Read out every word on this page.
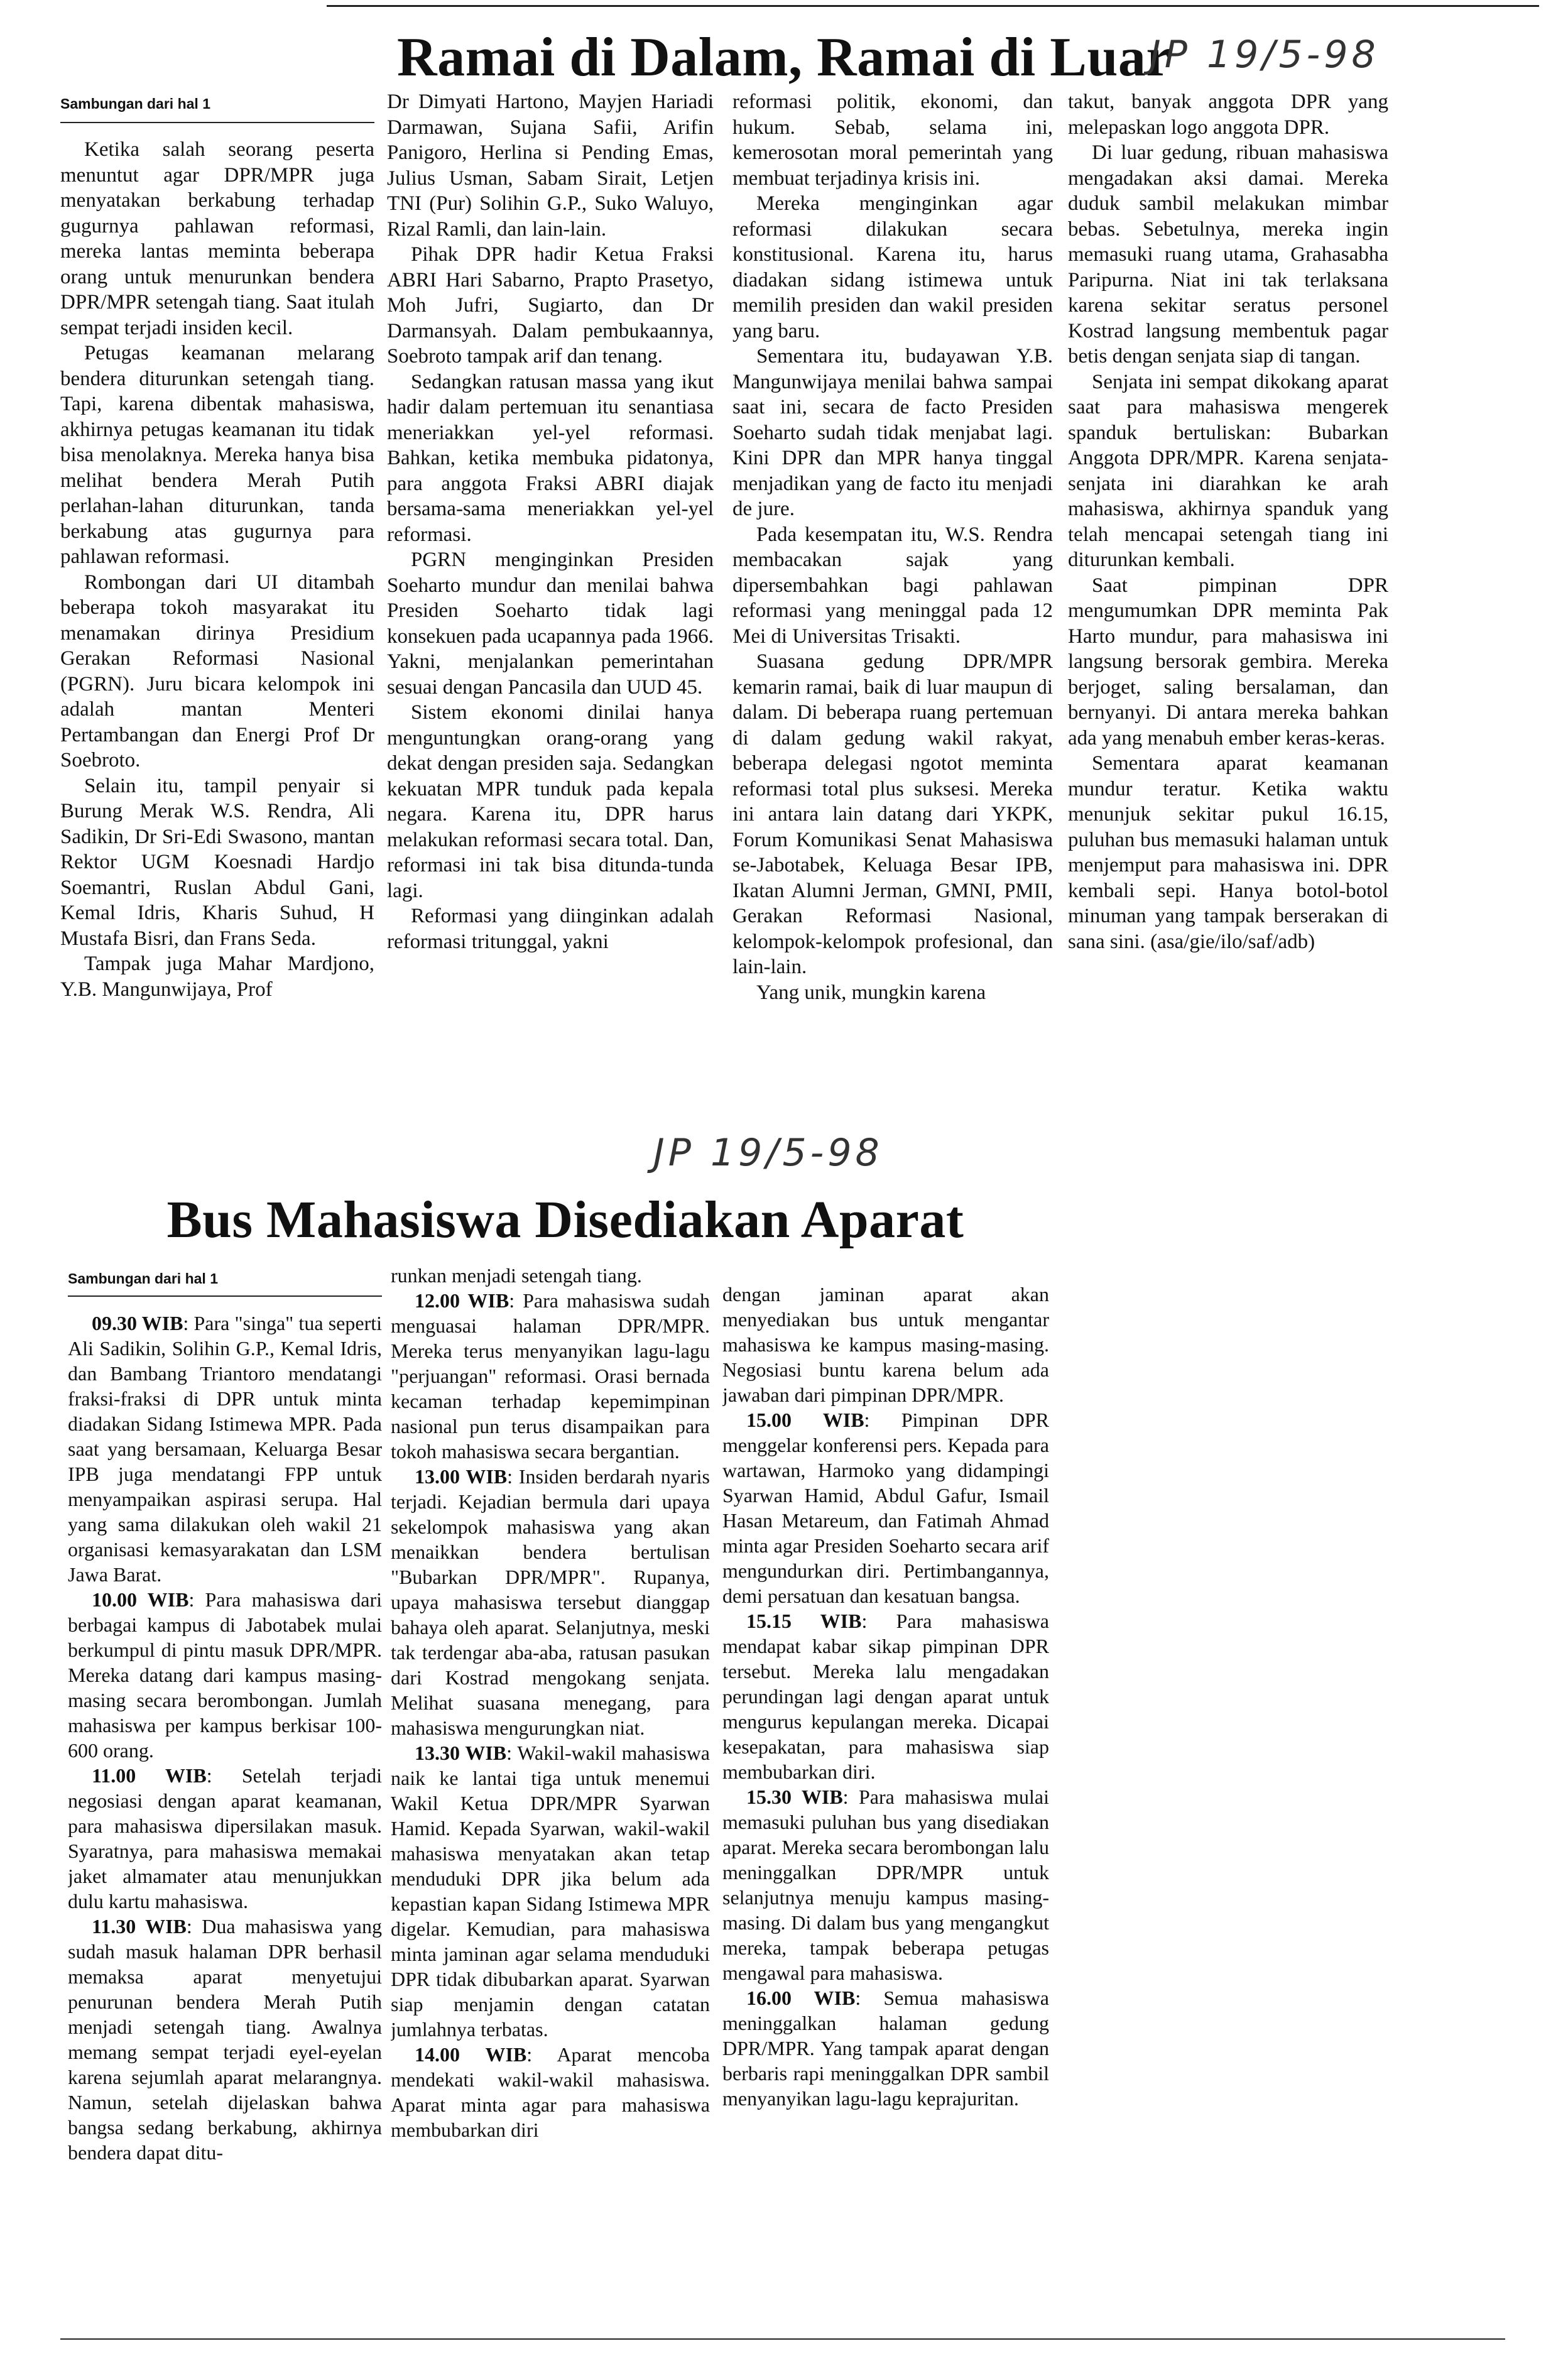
Ramai di Dalam, Ramai di Luar
JP 19/5-98
Sambungan dari hal 1

Ketika salah seorang peserta menuntut agar DPR/MPR juga menyatakan berkabung terhadap gugurnya pahlawan reformasi, mereka lantas meminta beberapa orang untuk menurunkan bendera DPR/MPR setengah tiang. Saat itulah sempat terjadi insiden kecil.

Petugas keamanan melarang bendera diturunkan setengah tiang. Tapi, karena dibentak mahasiswa, akhirnya petugas keamanan itu tidak bisa menolaknya. Mereka hanya bisa melihat bendera Merah Putih perlahan-lahan diturunkan, tanda berkabung atas gugurnya para pahlawan reformasi.

Rombongan dari UI ditambah beberapa tokoh masyarakat itu menamakan dirinya Presidium Gerakan Reformasi Nasional (PGRN). Juru bicara kelompok ini adalah mantan Menteri Pertambangan dan Energi Prof Dr Soebroto.

Selain itu, tampil penyair si Burung Merak W.S. Rendra, Ali Sadikin, Dr Sri-Edi Swasono, mantan Rektor UGM Koesnadi Hardjo Soemantri, Ruslan Abdul Gani, Kemal Idris, Kharis Suhud, H Mustafa Bisri, dan Frans Seda.

Tampak juga Mahar Mardjono, Y.B. Mangunwijaya, Prof

Dr Dimyati Hartono, Mayjen Hariadi Darmawan, Sujana Safii, Arifin Panigoro, Herlina si Pending Emas, Julius Usman, Sabam Sirait, Letjen TNI (Pur) Solihin G.P., Suko Waluyo, Rizal Ramli, dan lain-lain.

Pihak DPR hadir Ketua Fraksi ABRI Hari Sabarno, Prapto Prasetyo, Moh Jufri, Sugiarto, dan Dr Darmansyah. Dalam pembukaannya, Soebroto tampak arif dan tenang.

Sedangkan ratusan massa yang ikut hadir dalam pertemuan itu senantiasa meneriakkan yel-yel reformasi. Bahkan, ketika membuka pidatonya, para anggota Fraksi ABRI diajak bersama-sama meneriakkan yel-yel reformasi.

PGRN menginginkan Presiden Soeharto mundur dan menilai bahwa Presiden Soeharto tidak lagi konsekuen pada ucapannya pada 1966. Yakni, menjalankan pemerintahan sesuai dengan Pancasila dan UUD 45.

Sistem ekonomi dinilai hanya menguntungkan orang-orang yang dekat dengan presiden saja. Sedangkan kekuatan MPR tunduk pada kepala negara. Karena itu, DPR harus melakukan reformasi secara total. Dan, reformasi ini tak bisa ditunda-tunda lagi.

Reformasi yang diinginkan adalah reformasi tritunggal, yakni

reformasi politik, ekonomi, dan hukum. Sebab, selama ini, kemerosotan moral pemerintah yang membuat terjadinya krisis ini.

Mereka menginginkan agar reformasi dilakukan secara konstitusional. Karena itu, harus diadakan sidang istimewa untuk memilih presiden dan wakil presiden yang baru.

Sementara itu, budayawan Y.B. Mangunwijaya menilai bahwa sampai saat ini, secara de facto Presiden Soeharto sudah tidak menjabat lagi. Kini DPR dan MPR hanya tinggal menjadikan yang de facto itu menjadi de jure.

Pada kesempatan itu, W.S. Rendra membacakan sajak yang dipersembahkan bagi pahlawan reformasi yang meninggal pada 12 Mei di Universitas Trisakti.

Suasana gedung DPR/MPR kemarin ramai, baik di luar maupun di dalam. Di beberapa ruang pertemuan di dalam gedung wakil rakyat, beberapa delegasi ngotot meminta reformasi total plus suksesi. Mereka ini antara lain datang dari YKPK, Forum Komunikasi Senat Mahasiswa se-Jabotabek, Keluaga Besar IPB, Ikatan Alumni Jerman, GMNI, PMII, Gerakan Reformasi Nasional, kelompok-kelompok profesional, dan lain-lain.

Yang unik, mungkin karena

takut, banyak anggota DPR yang melepaskan logo anggota DPR.

Di luar gedung, ribuan mahasiswa mengadakan aksi damai. Mereka duduk sambil melakukan mimbar bebas. Sebetulnya, mereka ingin memasuki ruang utama, Grahasabha Paripurna. Niat ini tak terlaksana karena sekitar seratus personel Kostrad langsung membentuk pagar betis dengan senjata siap di tangan.

Senjata ini sempat dikokang aparat saat para mahasiswa mengerek spanduk bertuliskan: Bubarkan Anggota DPR/MPR. Karena senjata-senjata ini diarahkan ke arah mahasiswa, akhirnya spanduk yang telah mencapai setengah tiang ini diturunkan kembali.

Saat pimpinan DPR mengumumkan DPR meminta Pak Harto mundur, para mahasiswa ini langsung bersorak gembira. Mereka berjoget, saling bersalaman, dan bernyanyi. Di antara mereka bahkan ada yang menabuh ember keras-keras.

Sementara aparat keamanan mundur teratur. Ketika waktu menunjuk sekitar pukul 16.15, puluhan bus memasuki halaman untuk menjemput para mahasiswa ini. DPR kembali sepi. Hanya botol-botol minuman yang tampak berserakan di sana sini. (asa/gie/ilo/saf/adb)

JP 19/5-98
Bus Mahasiswa Disediakan Aparat
Sambungan dari hal 1

09.30 WIB: Para "singa" tua seperti Ali Sadikin, Solihin G.P., Kemal Idris, dan Bambang Triantoro mendatangi fraksi-fraksi di DPR untuk minta diadakan Sidang Istimewa MPR. Pada saat yang bersamaan, Keluarga Besar IPB juga mendatangi FPP untuk menyampaikan aspirasi serupa. Hal yang sama dilakukan oleh wakil 21 organisasi kemasyarakatan dan LSM Jawa Barat.

10.00 WIB: Para mahasiswa dari berbagai kampus di Jabotabek mulai berkumpul di pintu masuk DPR/MPR. Mereka datang dari kampus masing-masing secara berombongan. Jumlah mahasiswa per kampus berkisar 100-600 orang.

11.00 WIB: Setelah terjadi negosiasi dengan aparat keamanan, para mahasiswa dipersilakan masuk. Syaratnya, para mahasiswa memakai jaket almamater atau menunjukkan dulu kartu mahasiswa.

11.30 WIB: Dua mahasiswa yang sudah masuk halaman DPR berhasil memaksa aparat menyetujui penurunan bendera Merah Putih menjadi setengah tiang. Awalnya memang sempat terjadi eyel-eyelan karena sejumlah aparat melarangnya. Namun, setelah dijelaskan bahwa bangsa sedang berkabung, akhirnya bendera dapat ditu-

runkan menjadi setengah tiang.

12.00 WIB: Para mahasiswa sudah menguasai halaman DPR/MPR. Mereka terus menyanyikan lagu-lagu "perjuangan" reformasi. Orasi bernada kecaman terhadap kepemimpinan nasional pun terus disampaikan para tokoh mahasiswa secara bergantian.

13.00 WIB: Insiden berdarah nyaris terjadi. Kejadian bermula dari upaya sekelompok mahasiswa yang akan menaikkan bendera bertulisan "Bubarkan DPR/MPR". Rupanya, upaya mahasiswa tersebut dianggap bahaya oleh aparat. Selanjutnya, meski tak terdengar aba-aba, ratusan pasukan dari Kostrad mengokang senjata. Melihat suasana menegang, para mahasiswa mengurungkan niat.

13.30 WIB: Wakil-wakil mahasiswa naik ke lantai tiga untuk menemui Wakil Ketua DPR/MPR Syarwan Hamid. Kepada Syarwan, wakil-wakil mahasiswa menyatakan akan tetap menduduki DPR jika belum ada kepastian kapan Sidang Istimewa MPR digelar. Kemudian, para mahasiswa minta jaminan agar selama menduduki DPR tidak dibubarkan aparat. Syarwan siap menjamin dengan catatan jumlahnya terbatas.

14.00 WIB: Aparat mencoba mendekati wakil-wakil mahasiswa. Aparat minta agar para mahasiswa membubarkan diri

dengan jaminan aparat akan menyediakan bus untuk mengantar mahasiswa ke kampus masing-masing. Negosiasi buntu karena belum ada jawaban dari pimpinan DPR/MPR.

15.00 WIB: Pimpinan DPR menggelar konferensi pers. Kepada para wartawan, Harmoko yang didampingi Syarwan Hamid, Abdul Gafur, Ismail Hasan Metareum, dan Fatimah Ahmad minta agar Presiden Soeharto secara arif mengundurkan diri. Pertimbangannya, demi persatuan dan kesatuan bangsa.

15.15 WIB: Para mahasiswa mendapat kabar sikap pimpinan DPR tersebut. Mereka lalu mengadakan perundingan lagi dengan aparat untuk mengurus kepulangan mereka. Dicapai kesepakatan, para mahasiswa siap membubarkan diri.

15.30 WIB: Para mahasiswa mulai memasuki puluhan bus yang disediakan aparat. Mereka secara berombongan lalu meninggalkan DPR/MPR untuk selanjutnya menuju kampus masing-masing. Di dalam bus yang mengangkut mereka, tampak beberapa petugas mengawal para mahasiswa.

16.00 WIB: Semua mahasiswa meninggalkan halaman gedung DPR/MPR. Yang tampak aparat dengan berbaris rapi meninggalkan DPR sambil menyanyikan lagu-lagu keprajuritan.
